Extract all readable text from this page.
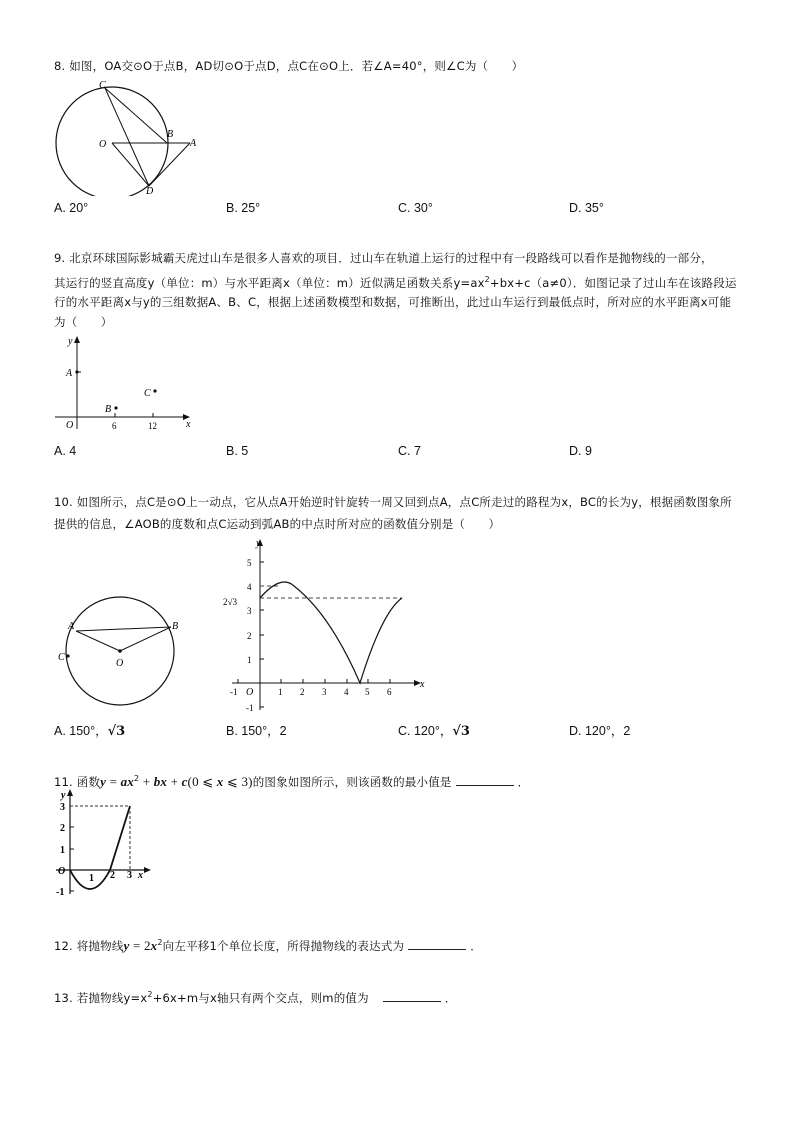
8. 如图，OA交⊙O于点B，AD切⊙O于点D，点C在⊙O上．若∠A=40°，则∠C为（　　）
C
O
B
A
D
A. 20°	B. 25°	C. 30°	D. 35°
9. 北京环球国际影城霸天虎过山车是很多人喜欢的项目．过山车在轨道上运行的过程中有一段路线可以看作是抛物线的一部分，
其运行的竖直高度y（单位：m）与水平距离x（单位：m）近似满足函数关系$y=ax^2+bx+c(a\ne 0)$．如图记录了过山车在该路段运
行的水平距离x与y的三组数据A、B、C，根据上述函数模型和数据，可推断出，此过山车运行到最低点时，所对应的水平距离x可能
为（　　）
y
A
B
C
O	6	12	x
A. 4	B. 5	C. 7	D. 9
10. 如图所示，点C是⊙O上一动点，它从点A开始逆时针旋转一周又回到点A，点C所走过的路程为x，BC的长为y，根据函数图象所
提供的信息，∠AOB的度数和点C运动到弧AB的中点时所对应的函数值分别是（　　）
A	B
C
O
y
x
O
5
4
3
2
1
-1
2√3
-1	1 2 3 4 5 6
A. 150°，√3	B. 150°，2	C. 120°，√3	D. 120°，2
11. 函数$y = ax^2$ + bx + c(0 ⩽ x ⩽ 3)的图象如图所示，则该函数的最小值是	．
y
3
2
1
O
-1
1 2 3 x
12. 将抛物线$y = 2x^2$向左平移1个单位长度，所得抛物线的表达式为	．
13. 若抛物线$y=x^2+6x+m$与x轴只有两个交点，则m的值为	．
